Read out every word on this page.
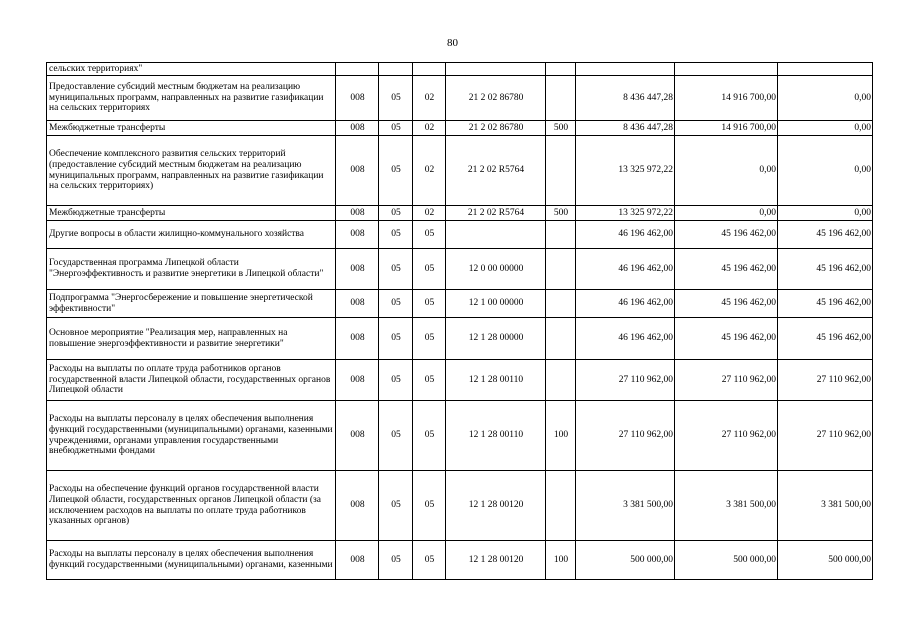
80
сельских территориях"								
Предоставление субсидий местным бюджетам на реализацию муниципальных программ, направленных на развитие газификации на сельских территориях	008	05	02	21 2 02 86780		8 436 447,28	14 916 700,00	0,00
Межбюджетные трансферты	008	05	02	21 2 02 86780	500	8 436 447,28	14 916 700,00	0,00
Обеспечение комплексного развития сельских территорий (предоставление субсидий местным бюджетам на реализацию муниципальных программ, направленных на развитие газификации на сельских территориях)	008	05	02	21 2 02 R5764		13 325 972,22	0,00	0,00
Межбюджетные трансферты	008	05	02	21 2 02 R5764	500	13 325 972,22	0,00	0,00
Другие вопросы в области жилищно-коммунального хозяйства	008	05	05			46 196 462,00	45 196 462,00	45 196 462,00
Государственная программа Липецкой области "Энергоэффективность и развитие энергетики в Липецкой области"	008	05	05	12 0 00 00000		46 196 462,00	45 196 462,00	45 196 462,00
Подпрограмма "Энергосбережение и повышение энергетической эффективности"	008	05	05	12 1 00 00000		46 196 462,00	45 196 462,00	45 196 462,00
Основное мероприятие "Реализация мер, направленных на повышение энергоэффективности и развитие энергетики"	008	05	05	12 1 28 00000		46 196 462,00	45 196 462,00	45 196 462,00
Расходы на выплаты по оплате труда работников органов государственной власти Липецкой области, государственных органов Липецкой области	008	05	05	12 1 28 00110		27 110 962,00	27 110 962,00	27 110 962,00
Расходы на выплаты персоналу в целях обеспечения выполнения функций государственными (муниципальными) органами, казенными учреждениями, органами управления государственными внебюджетными фондами	008	05	05	12 1 28 00110	100	27 110 962,00	27 110 962,00	27 110 962,00
Расходы на обеспечение функций органов государственной власти Липецкой области, государственных органов Липецкой области (за исключением расходов на выплаты по оплате труда работников указанных органов)	008	05	05	12 1 28 00120		3 381 500,00	3 381 500,00	3 381 500,00
Расходы на выплаты персоналу в целях обеспечения выполнения функций государственными (муниципальными) органами, казенными	008	05	05	12 1 28 00120	100	500 000,00	500 000,00	500 000,00
